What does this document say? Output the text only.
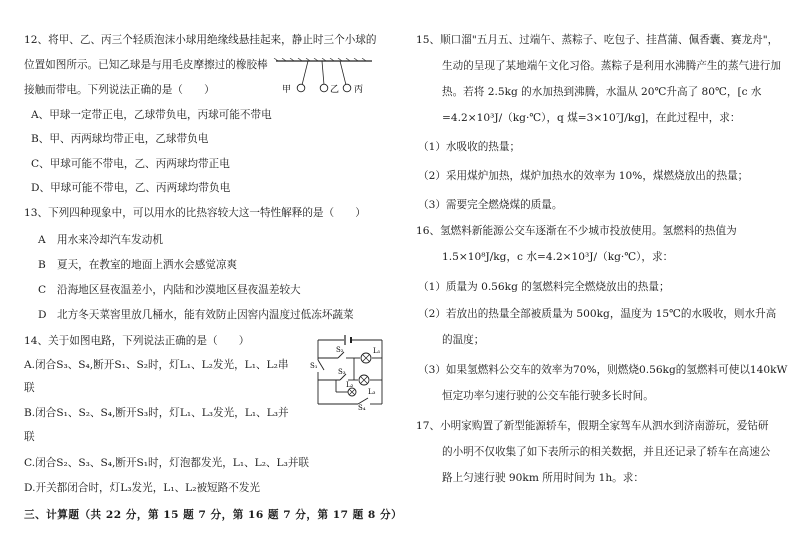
12、将甲、乙、丙三个轻质泡沫小球用绝缘线悬挂起来，静止时三个小球的
位置如图所示。已知乙球是与用毛皮摩擦过的橡胶棒
接触而带电。下列说法正确的是（　　）	甲	乙 丙
A、甲球一定带正电，乙球带负电，丙球可能不带电
B、甲、丙两球均带正电，乙球带负电
C、甲球可能不带电，乙、丙两球均带正电
D、甲球可能不带电，乙、丙两球均带负电
13、下列四种现象中，可以用水的比热容较大这一特性解释的是（　　）
A 用水来冷却汽车发动机
B 夏天，在教室的地面上洒水会感觉凉爽
C 沿海地区昼夜温差小，内陆和沙漠地区昼夜温差较大
D 北方冬天菜窖里放几桶水，能有效防止因窖内温度过低冻坏蔬菜
14、关于如图电路，下列说法正确的是（　　）
S₁
S₂
S₃
S₄
L₁
L₂
L₃
A.闭合S₃、S₄,断开S₁、S₂时，灯L₁、L₂发光，L₁、L₂串
联
B.闭合S₁、S₂、S₄,断开S₃时，灯L₁、L₃发光，L₁、L₃并
联
C.闭合S₂、S₃、S₄,断开S₁时，灯泡都发光，L₁、L₂、L₃并联
D.开关都闭合时，灯L₃发光，L₁、L₂被短路不发光
三、计算题（共 22 分，第 15 题 7 分，第 16 题 7 分，第 17 题 8 分）
15、顺口溜"五月五、过端午、蒸粽子、吃包子、挂菖蒲、佩香囊、赛龙舟"，
生动的呈现了某地端午文化习俗。蒸粽子是利用水沸腾产生的蒸气进行加
热。若将 2.5kg 的水加热到沸腾，水温从 20℃升高了 80℃，[c 水
=4.2×10³J/（kg·℃），q 煤=3×10⁷J/kg]，在此过程中，求：
（1）水吸收的热量；
（2）采用煤炉加热，煤炉加热水的效率为 10%，煤燃烧放出的热量；
（3）需要完全燃烧煤的质量。
16、氢燃料新能源公交车逐渐在不少城市投放使用。氢燃料的热值为
1.5×10⁸J/kg，c 水=4.2×10³J/（kg·℃），求：
（1）质量为 0.56kg 的氢燃料完全燃烧放出的热量；
（2）若放出的热量全部被质量为 500kg，温度为 15℃的水吸收，则水升高
的温度；
（3）如果氢燃料公交车的效率为70%，则燃烧0.56kg的氢燃料可使以140kW
恒定功率匀速行驶的公交车能行驶多长时间。
17、小明家购置了新型能源轿车，假期全家驾车从泗水到济南游玩，爱钻研
的小明不仅收集了如下表所示的相关数据，并且还记录了轿车在高速公
路上匀速行驶 90km 所用时间为 1h。求：
